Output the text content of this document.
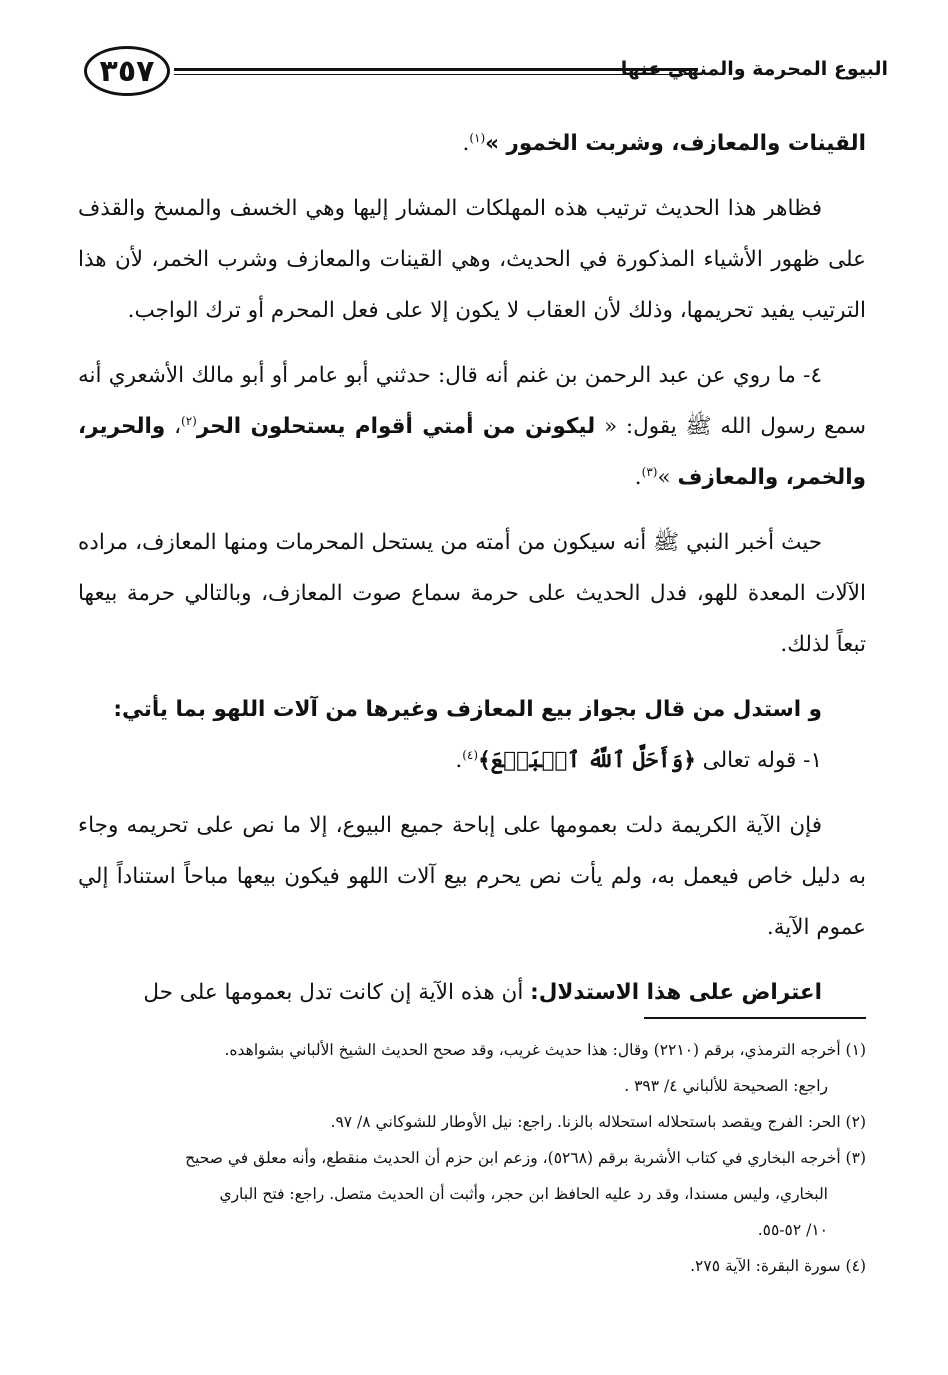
٣٥٧	البيوع المحرمة والمنهي عنها

القينات والمعازف، وشربت الخمور »$^{(١)}$.

فظاهر هذا الحديث ترتيب هذه المهلكات المشار إليها وهي الخسف والمسخ والقذف على ظهور الأشياء المذكورة في الحديث، وهي القينات والمعازف وشرب الخمر، لأن هذا الترتيب يفيد تحريمها، وذلك لأن العقاب لا يكون إلا على فعل المحرم أو ترك الواجب.

٤- ما روي عن عبد الرحمن بن غنم أنه قال: حدثني أبو عامر أو أبو مالك الأشعري أنه سمع رسول الله ﷺ يقول: « ليكونن من أمتي أقوام يستحلون الحر$^{(٢)}$، والحرير، والخمر، والمعازف »$^{(٣)}$.

حيث أخبر النبي ﷺ أنه سيكون من أمته من يستحل المحرمات ومنها المعازف، مراده الآلات المعدة للهو، فدل الحديث على حرمة سماع صوت المعازف، وبالتالي حرمة بيعها تبعاً لذلك.

و استدل من قال بجواز بيع المعازف وغيرها من آلات اللهو بما يأتي:

١- قوله تعالى ﴿وَأَحَلَّ ٱللَّهُ ٱلۡبَيۡعَ﴾$^{(٤)}$.

فإن الآية الكريمة دلت بعمومها على إباحة جميع البيوع، إلا ما نص على تحريمه وجاء به دليل خاص فيعمل به، ولم يأت نص يحرم بيع آلات اللهو فيكون بيعها مباحاً استناداً إلي عموم الآية.

اعتراض على هذا الاستدلال: أن هذه الآية إن كانت تدل بعمومها على حل

(١) أخرجه الترمذي، برقم (٢٢١٠) وقال: هذا حديث غريب، وقد صحح الحديث الشيخ الألباني بشواهده.
راجع: الصحيحة للألباني ٤/ ٣٩٣ .
(٢) الحر: الفرج ويقصد باستحلاله استحلاله بالزنا. راجع: نيل الأوطار للشوكاني ٨/ ٩٧.
(٣) أخرجه البخاري في كتاب الأشربة برقم (٥٢٦٨)، وزعم ابن حزم أن الحديث منقطع، وأنه معلق في صحيح
البخاري، وليس مسندا، وقد رد عليه الحافظ ابن حجر، وأثبت أن الحديث متصل. راجع: فتح الباري
١٠/ ٥٢-٥٥.
(٤) سورة البقرة: الآية ٢٧٥.
